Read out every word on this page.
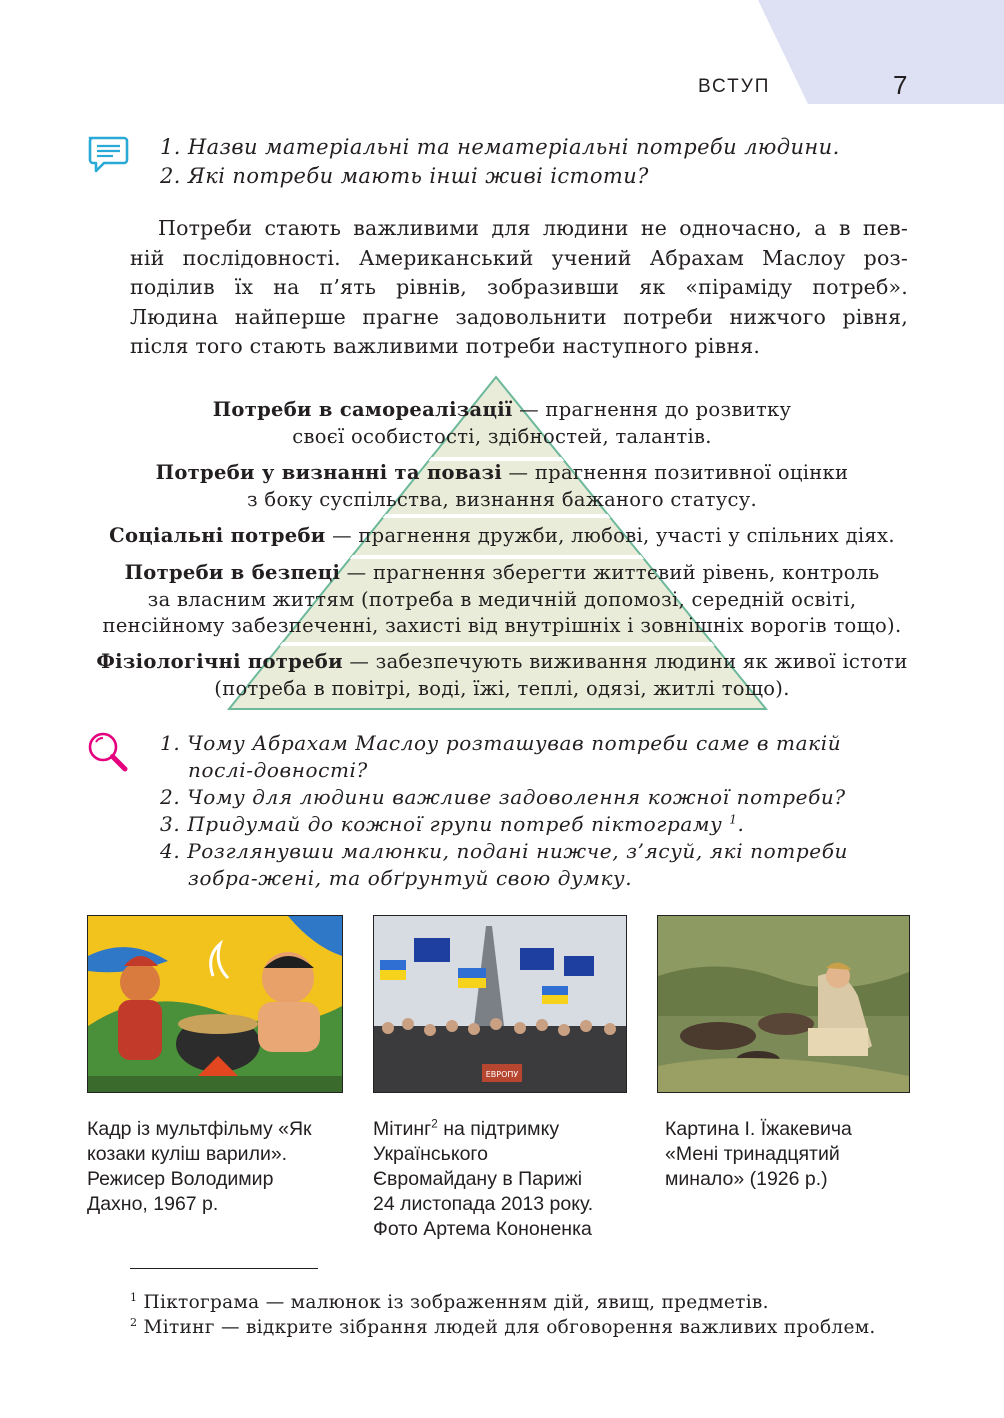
ВСТУП	7

1. Назви матеріальні та нематеріальні потреби людини.

2. Які потреби мають інші живі істоти?

Потреби стають важливими для людини не одночасно, а в пев-
ній послідовності. Американський учений Абрахам Маслоу роз-
поділив їх на п’ять рівнів, зобразивши як «піраміду потреб».
Людина найперше прагне задовольнити потреби нижчого рівня,
після того стають важливими потреби наступного рівня.
Потреби в самореалізації — прагнення до розвитку
своєї особистості, здібностей, талантів.
Потреби у визнанні та повазі — прагнення позитивної оцінки
з боку суспільства, визнання бажаного статусу.
Соціальні потреби — прагнення дружби, любові, участі у спільних діях.
Потреби в безпеці — прагнення зберегти життєвий рівень, контроль
за власним життям (потреба в медичній допомозі, середній освіті,
пенсійному забезпеченні, захисті від внутрішніх і зовнішніх ворогів тощо).
Фізіологічні потреби — забезпечують виживання людини як живої істоти
(потреба в повітрі, воді, їжі, теплі, одязі, житлі тощо).

1. Чому Абрахам Маслоу розташував потреби саме в такій послі-довності?

2. Чому для людини важливе задоволення кожної потреби?

3. Придумай до кожної групи потреб піктограму $^1$.

4. Розглянувши малюнки, подані нижче, з’ясуй, які потреби зобра-жені, та обґрунтуй свою думку.

ЕВРОПУ
Кадр із мультфільму «Як
козаки куліш варили».
Режисер Володимир
Дахно, 1967 р.
Мітинг$^2$ на підтримку
Українського
Євромайдану в Парижі
24 листопада 2013 року.
Фото Артема Кононенка
Картина І. Їжакевича
«Мені тринадцятий
минало» (1926 р.)
$^1$ Піктограма — малюнок із зображенням дій, явищ, предметів.
$^2$ Мітинг — відкрите зібрання людей для обговорення важливих проблем.
